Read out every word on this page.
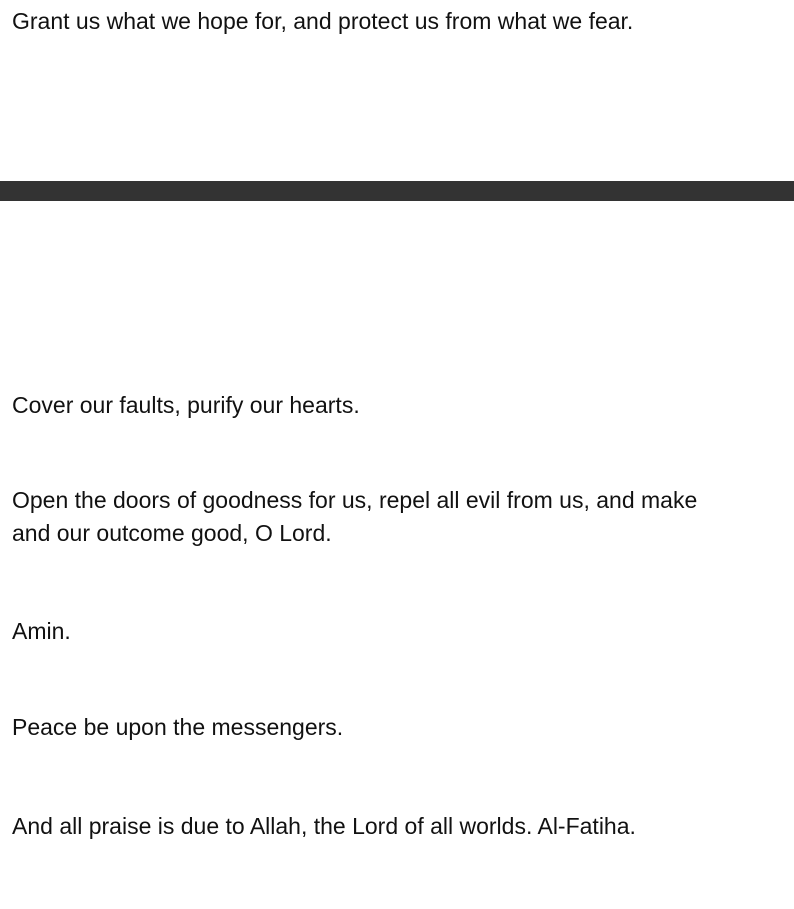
Grant us what we hope for, and protect us from what we fear.

Cover our faults, purify our hearts.

Open the doors of goodness for us, repel all evil from us, and make

and our outcome good, O Lord.

Amin.

Peace be upon the messengers.

And all praise is due to Allah, the Lord of all worlds. Al-Fatiha.
